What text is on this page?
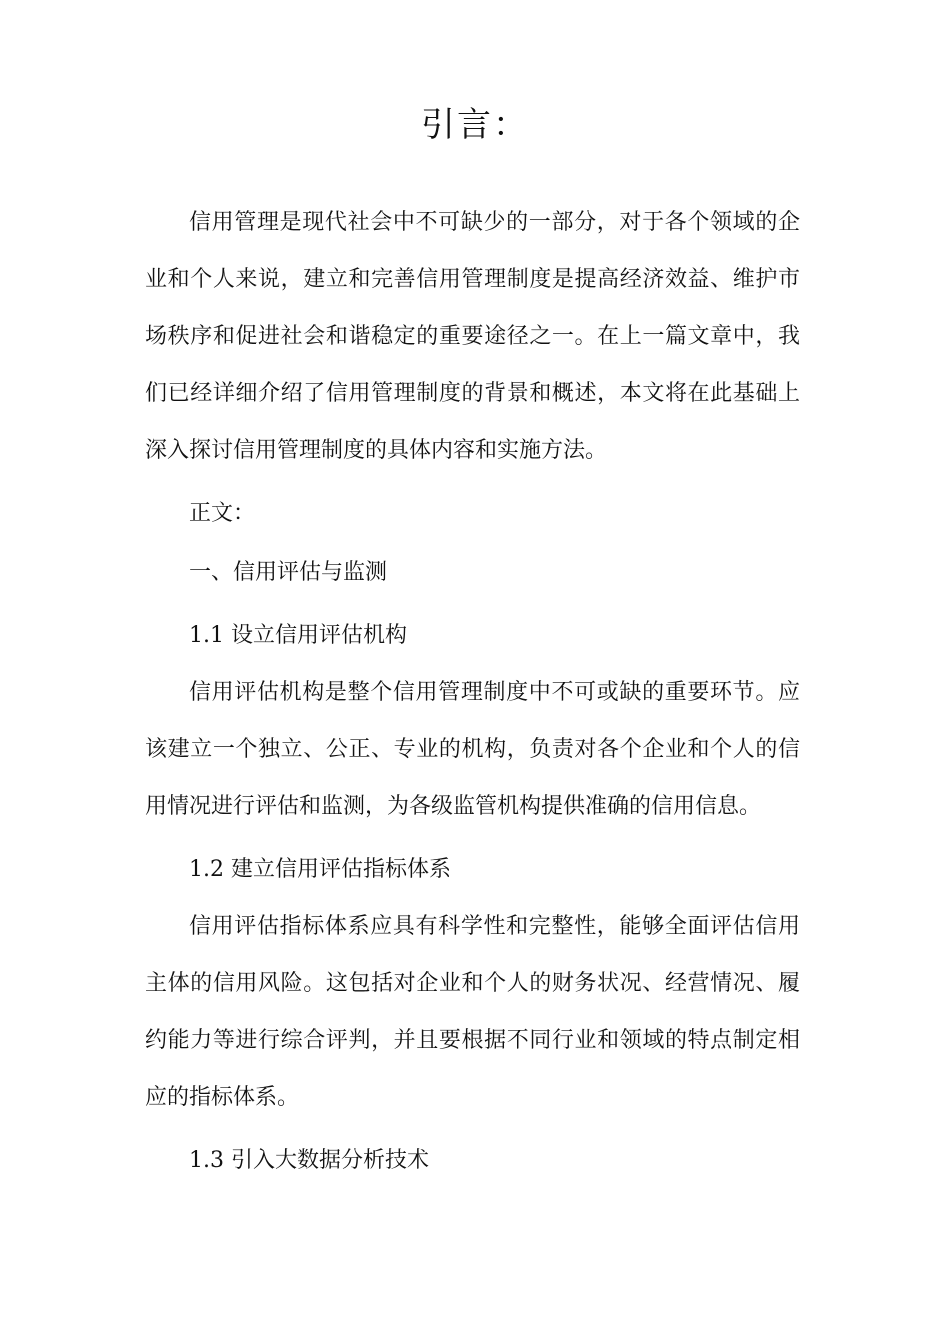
引言：

信用管理是现代社会中不可缺少的一部分，对于各个领域的企业和个人来说，建立和完善信用管理制度是提高经济效益、维护市场秩序和促进社会和谐稳定的重要途径之一。在上一篇文章中，我们已经详细介绍了信用管理制度的背景和概述，本文将在此基础上深入探讨信用管理制度的具体内容和实施方法。

正文：

一、信用评估与监测

1.1 设立信用评估机构

信用评估机构是整个信用管理制度中不可或缺的重要环节。应该建立一个独立、公正、专业的机构，负责对各个企业和个人的信用情况进行评估和监测，为各级监管机构提供准确的信用信息。

1.2 建立信用评估指标体系

信用评估指标体系应具有科学性和完整性，能够全面评估信用主体的信用风险。这包括对企业和个人的财务状况、经营情况、履约能力等进行综合评判，并且要根据不同行业和领域的特点制定相应的指标体系。

1.3 引入大数据分析技术
